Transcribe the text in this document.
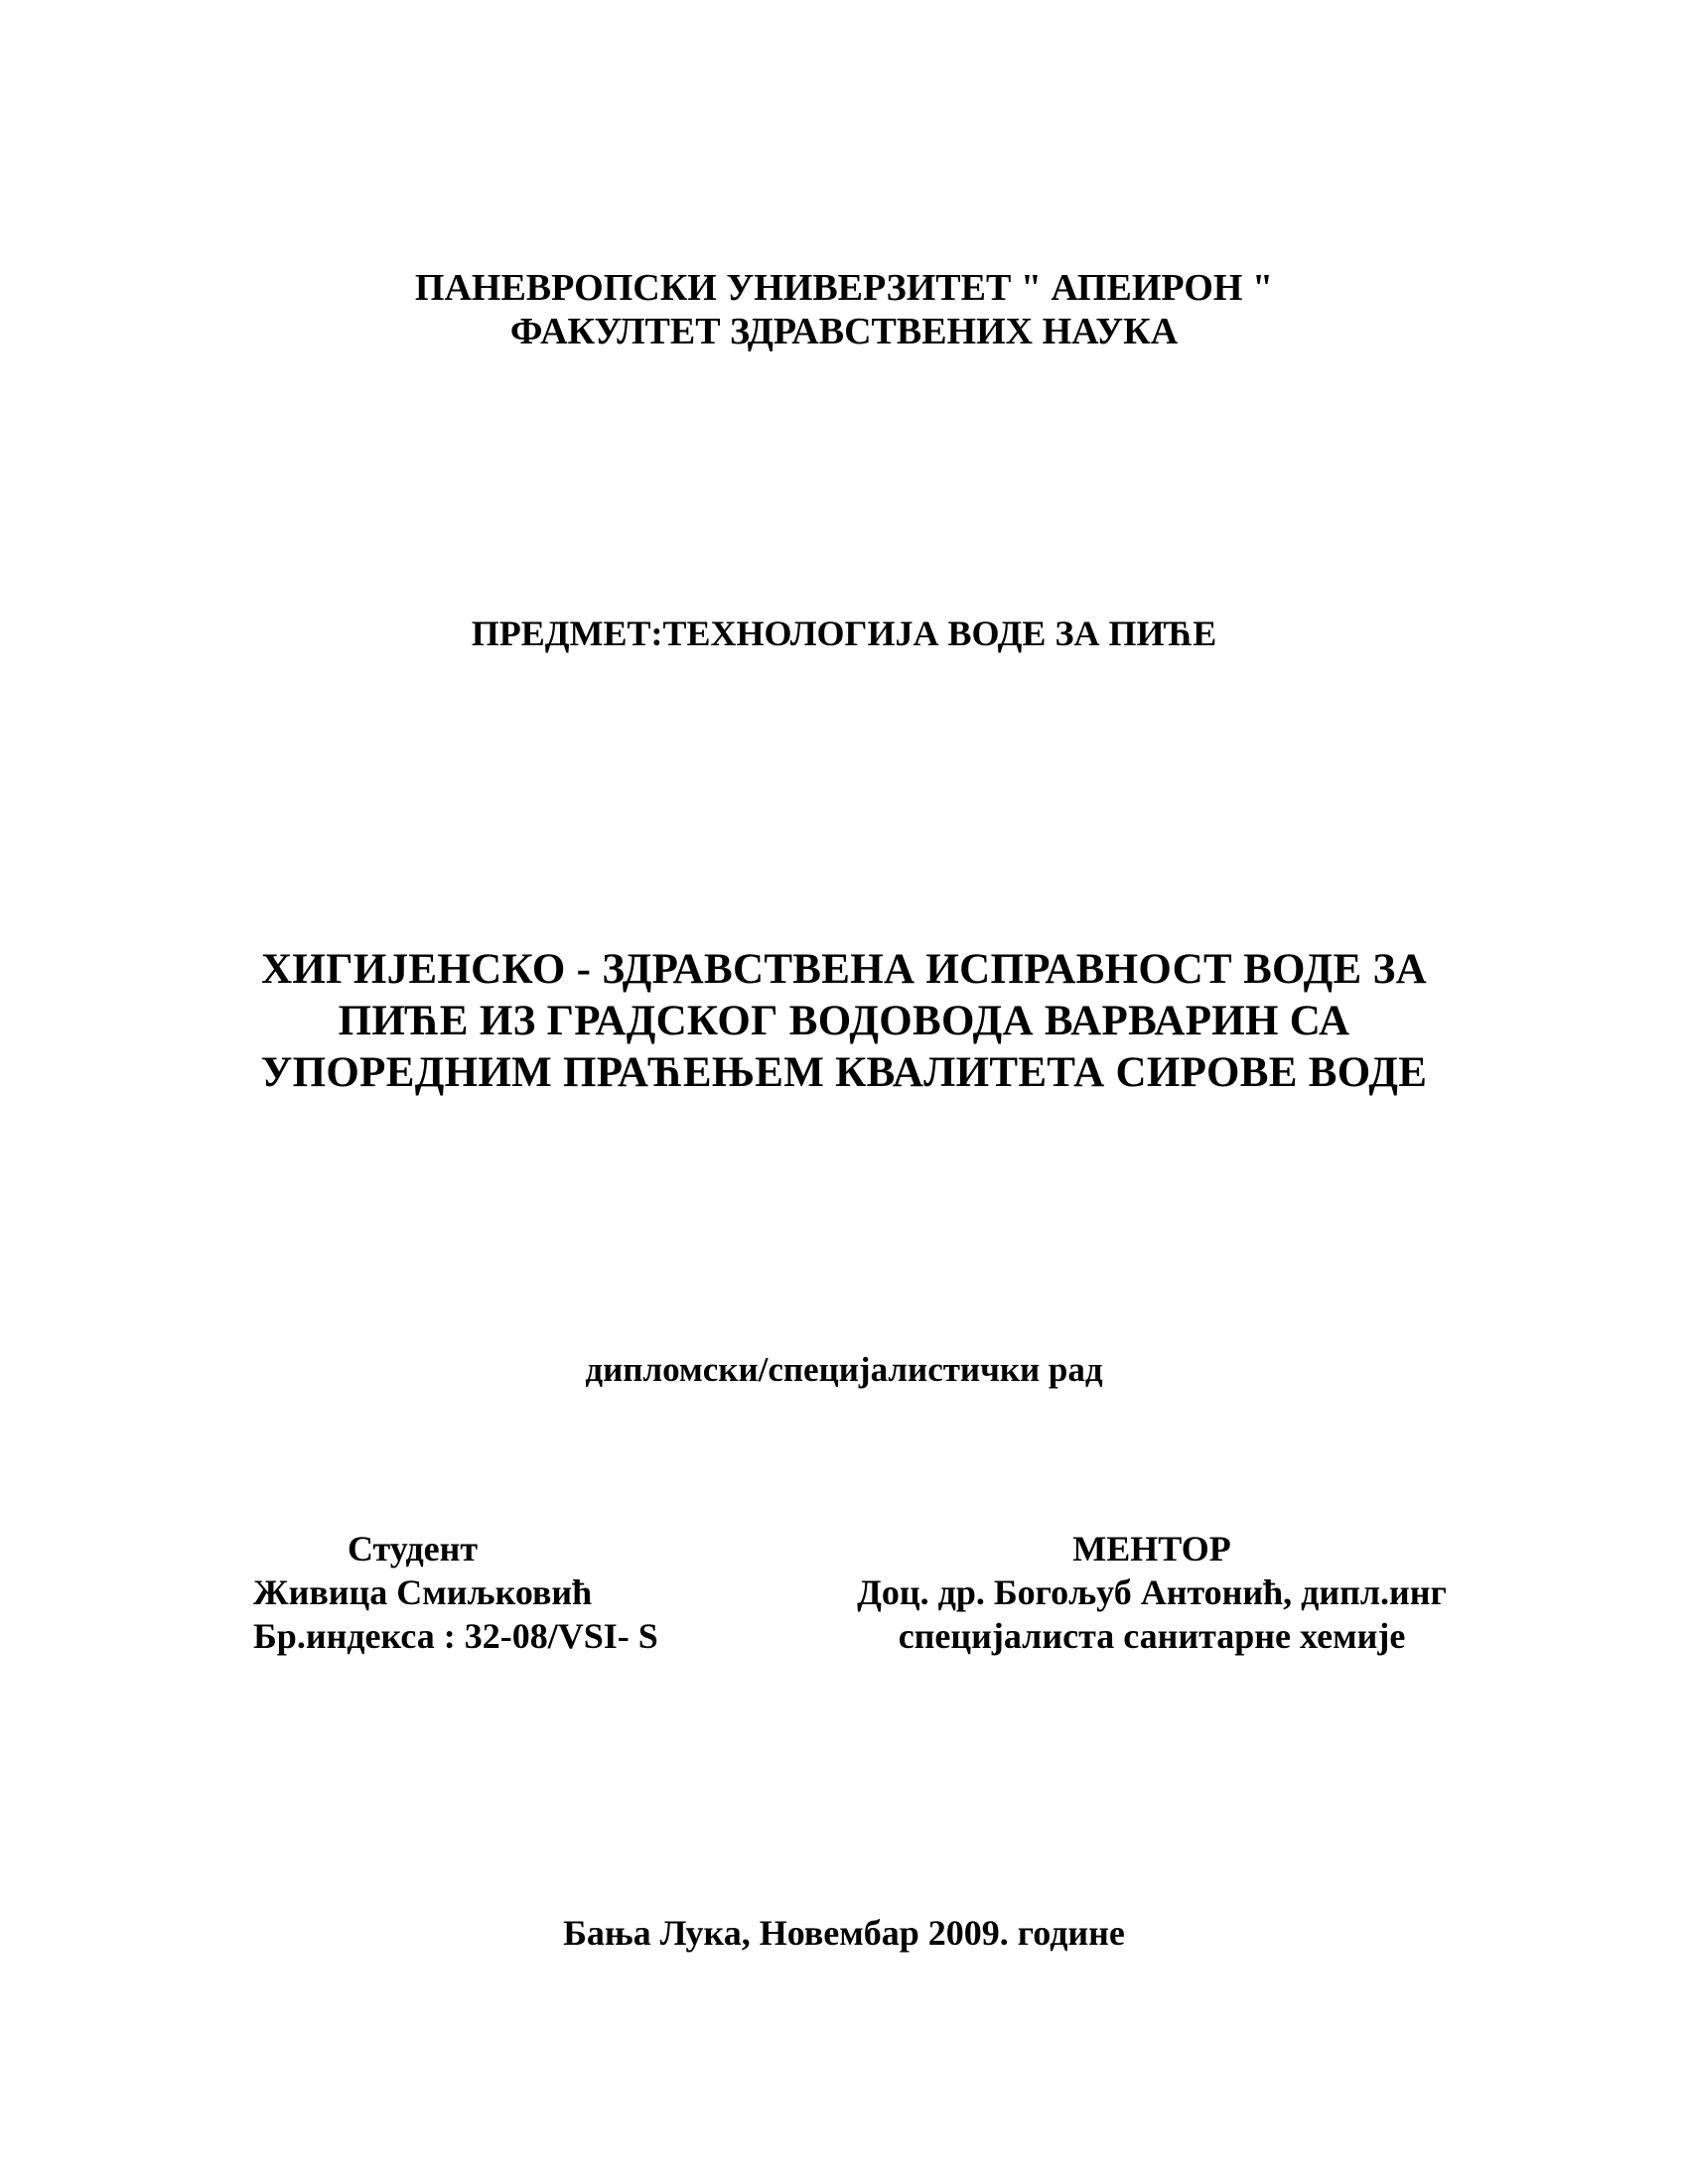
ПАНЕВРОПСКИ УНИВЕРЗИТЕТ " АПЕИРОН "
ФАКУЛТЕТ ЗДРАВСТВЕНИХ НАУКА
ПРЕДМЕТ:ТЕХНОЛОГИЈА ВОДЕ ЗА ПИЋЕ
ХИГИЈЕНСКО - ЗДРАВСТВЕНА ИСПРАВНОСТ ВОДЕ ЗА
ПИЋЕ ИЗ ГРАДСКОГ ВОДОВОДА ВАРВАРИН СА
УПОРЕДНИМ ПРАЋЕЊЕМ КВАЛИТЕТА СИРОВЕ ВОДЕ
дипломски/специјалистички рад
Студент
Живица Смиљковић
Бр.индекса : 32-08/VSI- S
МЕНТОР
Доц. др. Богољуб Антонић, дипл.инг
специјалиста санитарне хемије
Бања Лука, Новембар 2009. године
